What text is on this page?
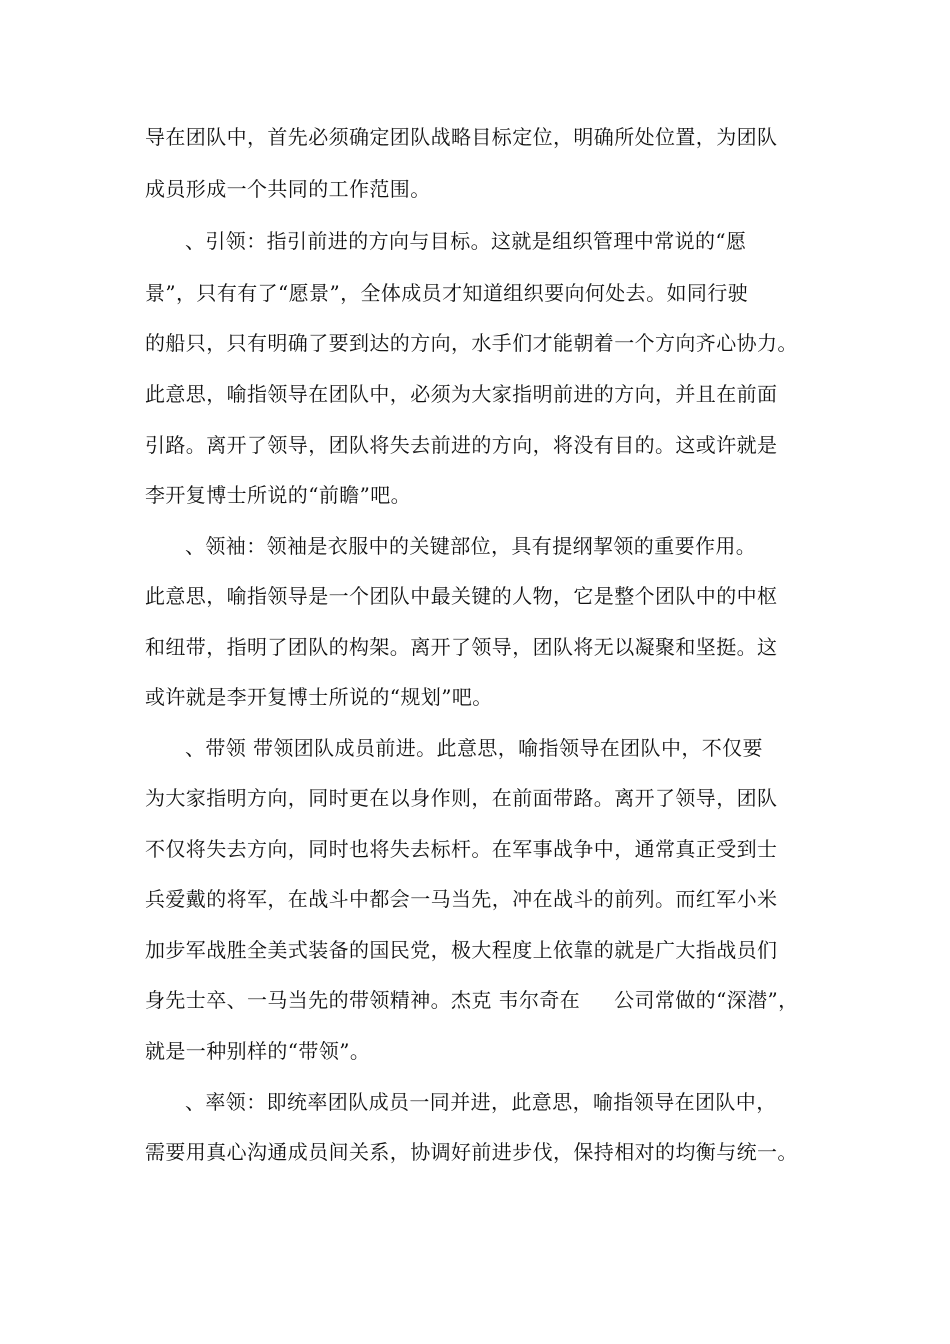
导在团队中，首先必须确定团队战略目标定位，明确所处位置，为团队
成员形成一个共同的工作范围。
、引领：指引前进的方向与目标。这就是组织管理中常说的“愿
景”，只有有了“愿景”，全体成员才知道组织要向何处去。如同行驶
的船只，只有明确了要到达的方向，水手们才能朝着一个方向齐心协力。
此意思，喻指领导在团队中，必须为大家指明前进的方向，并且在前面
引路。离开了领导，团队将失去前进的方向，将没有目的。这或许就是
李开复博士所说的“前瞻”吧。
、领袖：领袖是衣服中的关键部位，具有提纲挈领的重要作用。
此意思，喻指领导是一个团队中最关键的人物，它是整个团队中的中枢
和纽带，指明了团队的构架。离开了领导，团队将无以凝聚和坚挺。这
或许就是李开复博士所说的“规划”吧。
、带领 带领团队成员前进。此意思，喻指领导在团队中，不仅要
为大家指明方向，同时更在以身作则，在前面带路。离开了领导，团队
不仅将失去方向，同时也将失去标杆。在军事战争中，通常真正受到士
兵爱戴的将军，在战斗中都会一马当先，冲在战斗的前列。而红军小米
加步军战胜全美式装备的国民党，极大程度上依靠的就是广大指战员们
身先士卒、一马当先的带领精神。杰克 韦尔奇在 　 公司常做的“深潜”，
就是一种别样的“带领”。
、率领：即统率团队成员一同并进，此意思，喻指领导在团队中，
需要用真心沟通成员间关系，协调好前进步伐，保持相对的均衡与统一。
